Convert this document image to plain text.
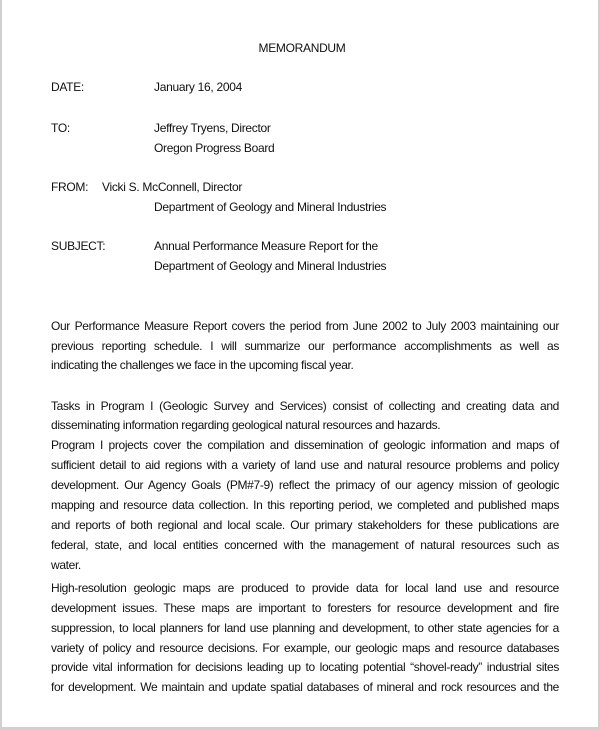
MEMORANDUM
DATE:	January 16, 2004
TO:	Jeffrey Tryens, Director
Oregon Progress Board
FROM: Vicki S. McConnell, Director
Department of Geology and Mineral Industries
SUBJECT:	Annual Performance Measure Report for the
Department of Geology and Mineral Industries
Our Performance Measure Report covers the period from June 2002 to July 2003 maintaining our
previous reporting schedule. I will summarize our performance accomplishments as well as
indicating the challenges we face in the upcoming fiscal year.
Tasks in Program I (Geologic Survey and Services) consist of collecting and creating data and
disseminating information regarding geological natural resources and hazards.
Program I projects cover the compilation and dissemination of geologic information and maps of
sufficient detail to aid regions with a variety of land use and natural resource problems and policy
development. Our Agency Goals (PM#7-9) reflect the primacy of our agency mission of geologic
mapping and resource data collection. In this reporting period, we completed and published maps
and reports of both regional and local scale. Our primary stakeholders for these publications are
federal, state, and local entities concerned with the management of natural resources such as
water.
High-resolution geologic maps are produced to provide data for local land use and resource
development issues. These maps are important to foresters for resource development and fire
suppression, to local planners for land use planning and development, to other state agencies for a
variety of policy and resource decisions. For example, our geologic maps and resource databases
provide vital information for decisions leading up to locating potential “shovel-ready” industrial sites
for development. We maintain and update spatial databases of mineral and rock resources and the
